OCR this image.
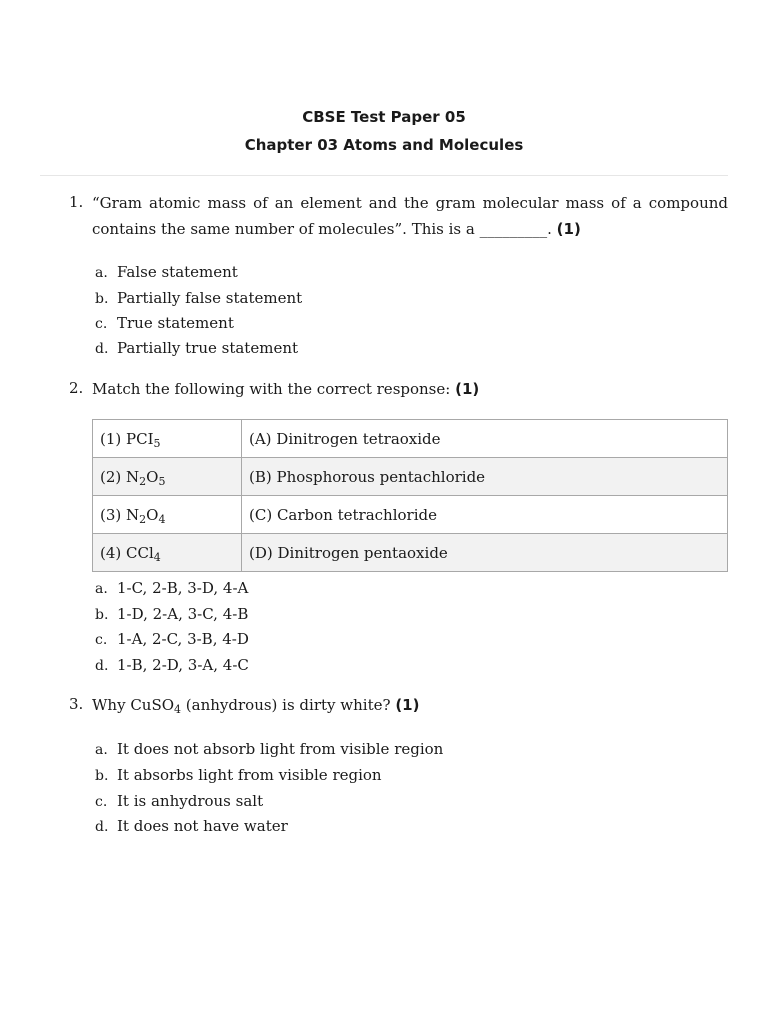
CBSE Test Paper 05
Chapter 03 Atoms and Molecules
1. “Gram atomic mass of an element and the gram molecular mass of a compound contains the same number of molecules”. This is a _________. (1)
a. False statement
b. Partially false statement
c. True statement
d. Partially true statement
2. Match the following with the correct response: (1)
(1) $PCI_5$	(A) Dinitrogen tetraoxide
(2) $N_2O_5$	(B) Phosphorous pentachloride
(3) $N_2O_4$	(C) Carbon tetrachloride
(4) CCl$_4$	(D) Dinitrogen pentaoxide
a. 1-C, 2-B, 3-D, 4-A
b. 1-D, 2-A, 3-C, 4-B
c. 1-A, 2-C, 3-B, 4-D
d. 1-B, 2-D, 3-A, 4-C
3. Why CuSO$_4$ (anhydrous) is dirty white? (1)
a. It does not absorb light from visible region
b. It absorbs light from visible region
c. It is anhydrous salt
d. It does not have water
